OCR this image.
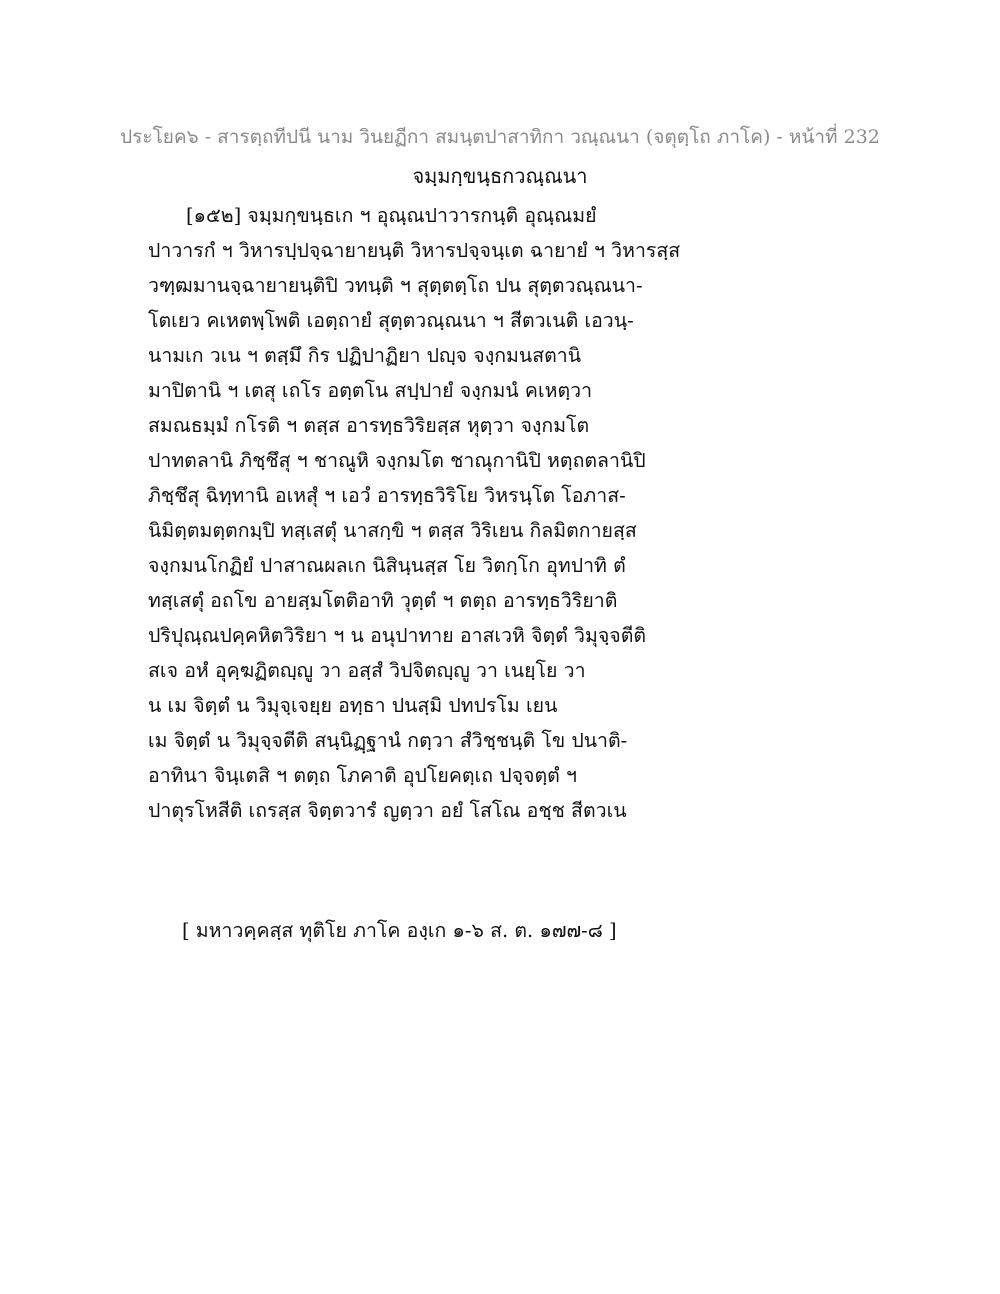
ประโยค๖ - สารตฺถทีปนี นาม วินยฏีกา สมนฺตปาสาทิกา วณฺณนา (จตุตฺโถ ภาโค) - หน้าที่ 232
จมฺมกฺขนฺธกวณฺณนา
[๑๕๒] จมฺมกฺขนฺธเก ฯ อุณฺณปาวารกนฺติ อุณฺณมยํ
ปาวารกํ ฯ วิหารปฺปจฺฉายายนฺติ วิหารปจฺจนฺเต ฉายายํ ฯ วิหารสฺส
วฑฺฒมานจฺฉายายนฺติปิ วทนฺติ ฯ สุตฺตตฺโถ ปน สุตฺตวณฺณนา-
โตเยว คเหตพฺโพติ เอตฺถายํ สุตฺตวณฺณนา ฯ สีตวเนติ เอวนฺ-
นามเก วเน ฯ ตสฺมึ กิร ปฏิปาฏิยา ปญฺจ จงฺกมนสตานิ
มาปิตานิ ฯ เตสุ เถโร อตฺตโน สปฺปายํ จงฺกมนํ คเหตฺวา
สมณธมฺมํ กโรติ ฯ ตสฺส อารทฺธวิริยสฺส หุตฺวา จงฺกมโต
ปาทตลานิ ภิชฺชึสุ ฯ ชาณูหิ จงฺกมโต ชาณุกานิปิ หตฺถตลานิปิ
ภิชฺชึสุ ฉิทฺทานิ อเหสุํ ฯ เอวํ อารทฺธวิริโย วิหรนฺโต โอภาส-
นิมิตฺตมตฺตกมฺปิ ทสฺเสตุํ นาสกฺขิ ฯ ตสฺส วิริเยน กิลมิตกายสฺส
จงฺกมนโกฏิยํ ปาสาณผลเก นิสินฺนสฺส โย วิตกฺโก อุทปาทิ ตํ
ทสฺเสตุํ อถโข อายสฺมโตติอาทิ วุตฺตํ ฯ ตตฺถ อารทฺธวิริยาติ
ปริปุณฺณปคฺคหิตวิริยา ฯ น อนุปาทาย อาสเวหิ จิตฺตํ วิมุจฺจตีติ
สเจ อหํ อุคฺฆฏิตญฺญู วา อสฺสํ วิปจิตญฺญู วา เนยฺโย วา
น เม จิตฺตํ น วิมุจฺเจยฺย อทฺธา ปนสฺมิ ปทปรโม เยน
เม จิตฺตํ น วิมุจฺจตีติ สนฺนิฏฺฐานํ กตฺวา สํวิชฺชนฺติ โข ปนาติ-
อาทินา จินฺเตสิ ฯ ตตฺถ โภคาติ อุปโยคตฺเถ ปจฺจตฺตํ ฯ
ปาตุรโหสีติ เถรสฺส จิตฺตวารํ ญตฺวา อยํ โสโณ อชฺช สีตวเน
[ มหาวคฺคสฺส ทุติโย ภาโค องฺเก ๑-๖ ส. ต. ๑๗๗-๘ ]
